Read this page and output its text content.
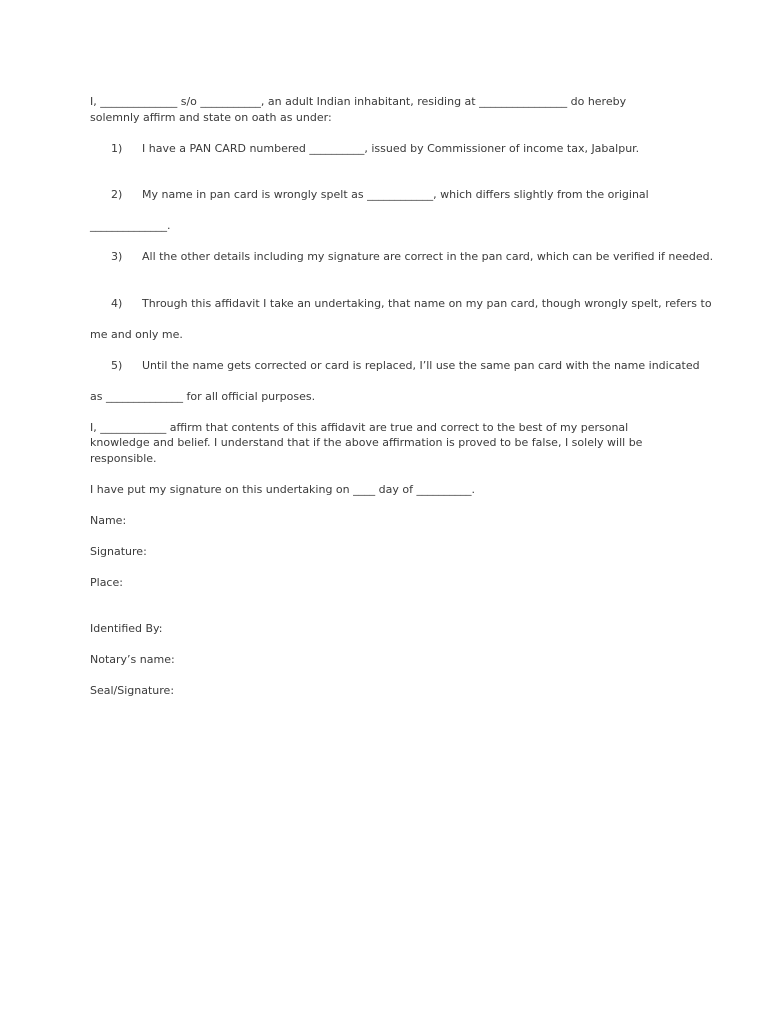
I, ______________ s/o ___________, an adult Indian inhabitant, residing at ________________ do hereby
solemnly affirm and state on oath as under:

1) I have a PAN CARD numbered __________, issued by Commissioner of income tax, Jabalpur.

2) My name in pan card is wrongly spelt as ____________, which differs slightly from the original

______________.

3) All the other details including my signature are correct in the pan card, which can be verified if needed.

4) Through this affidavit I take an undertaking, that name on my pan card, though wrongly spelt, refers to

me and only me.

5) Until the name gets corrected or card is replaced, I’ll use the same pan card with the name indicated

as ______________ for all official purposes.
I, ____________ affirm that contents of this affidavit are true and correct to the best of my personal
knowledge and belief. I understand that if the above affirmation is proved to be false, I solely will be
responsible.
I have put my signature on this undertaking on ____ day of __________.
Name:
Signature:
Place:
Identified By:
Notary’s name:
Seal/Signature:
